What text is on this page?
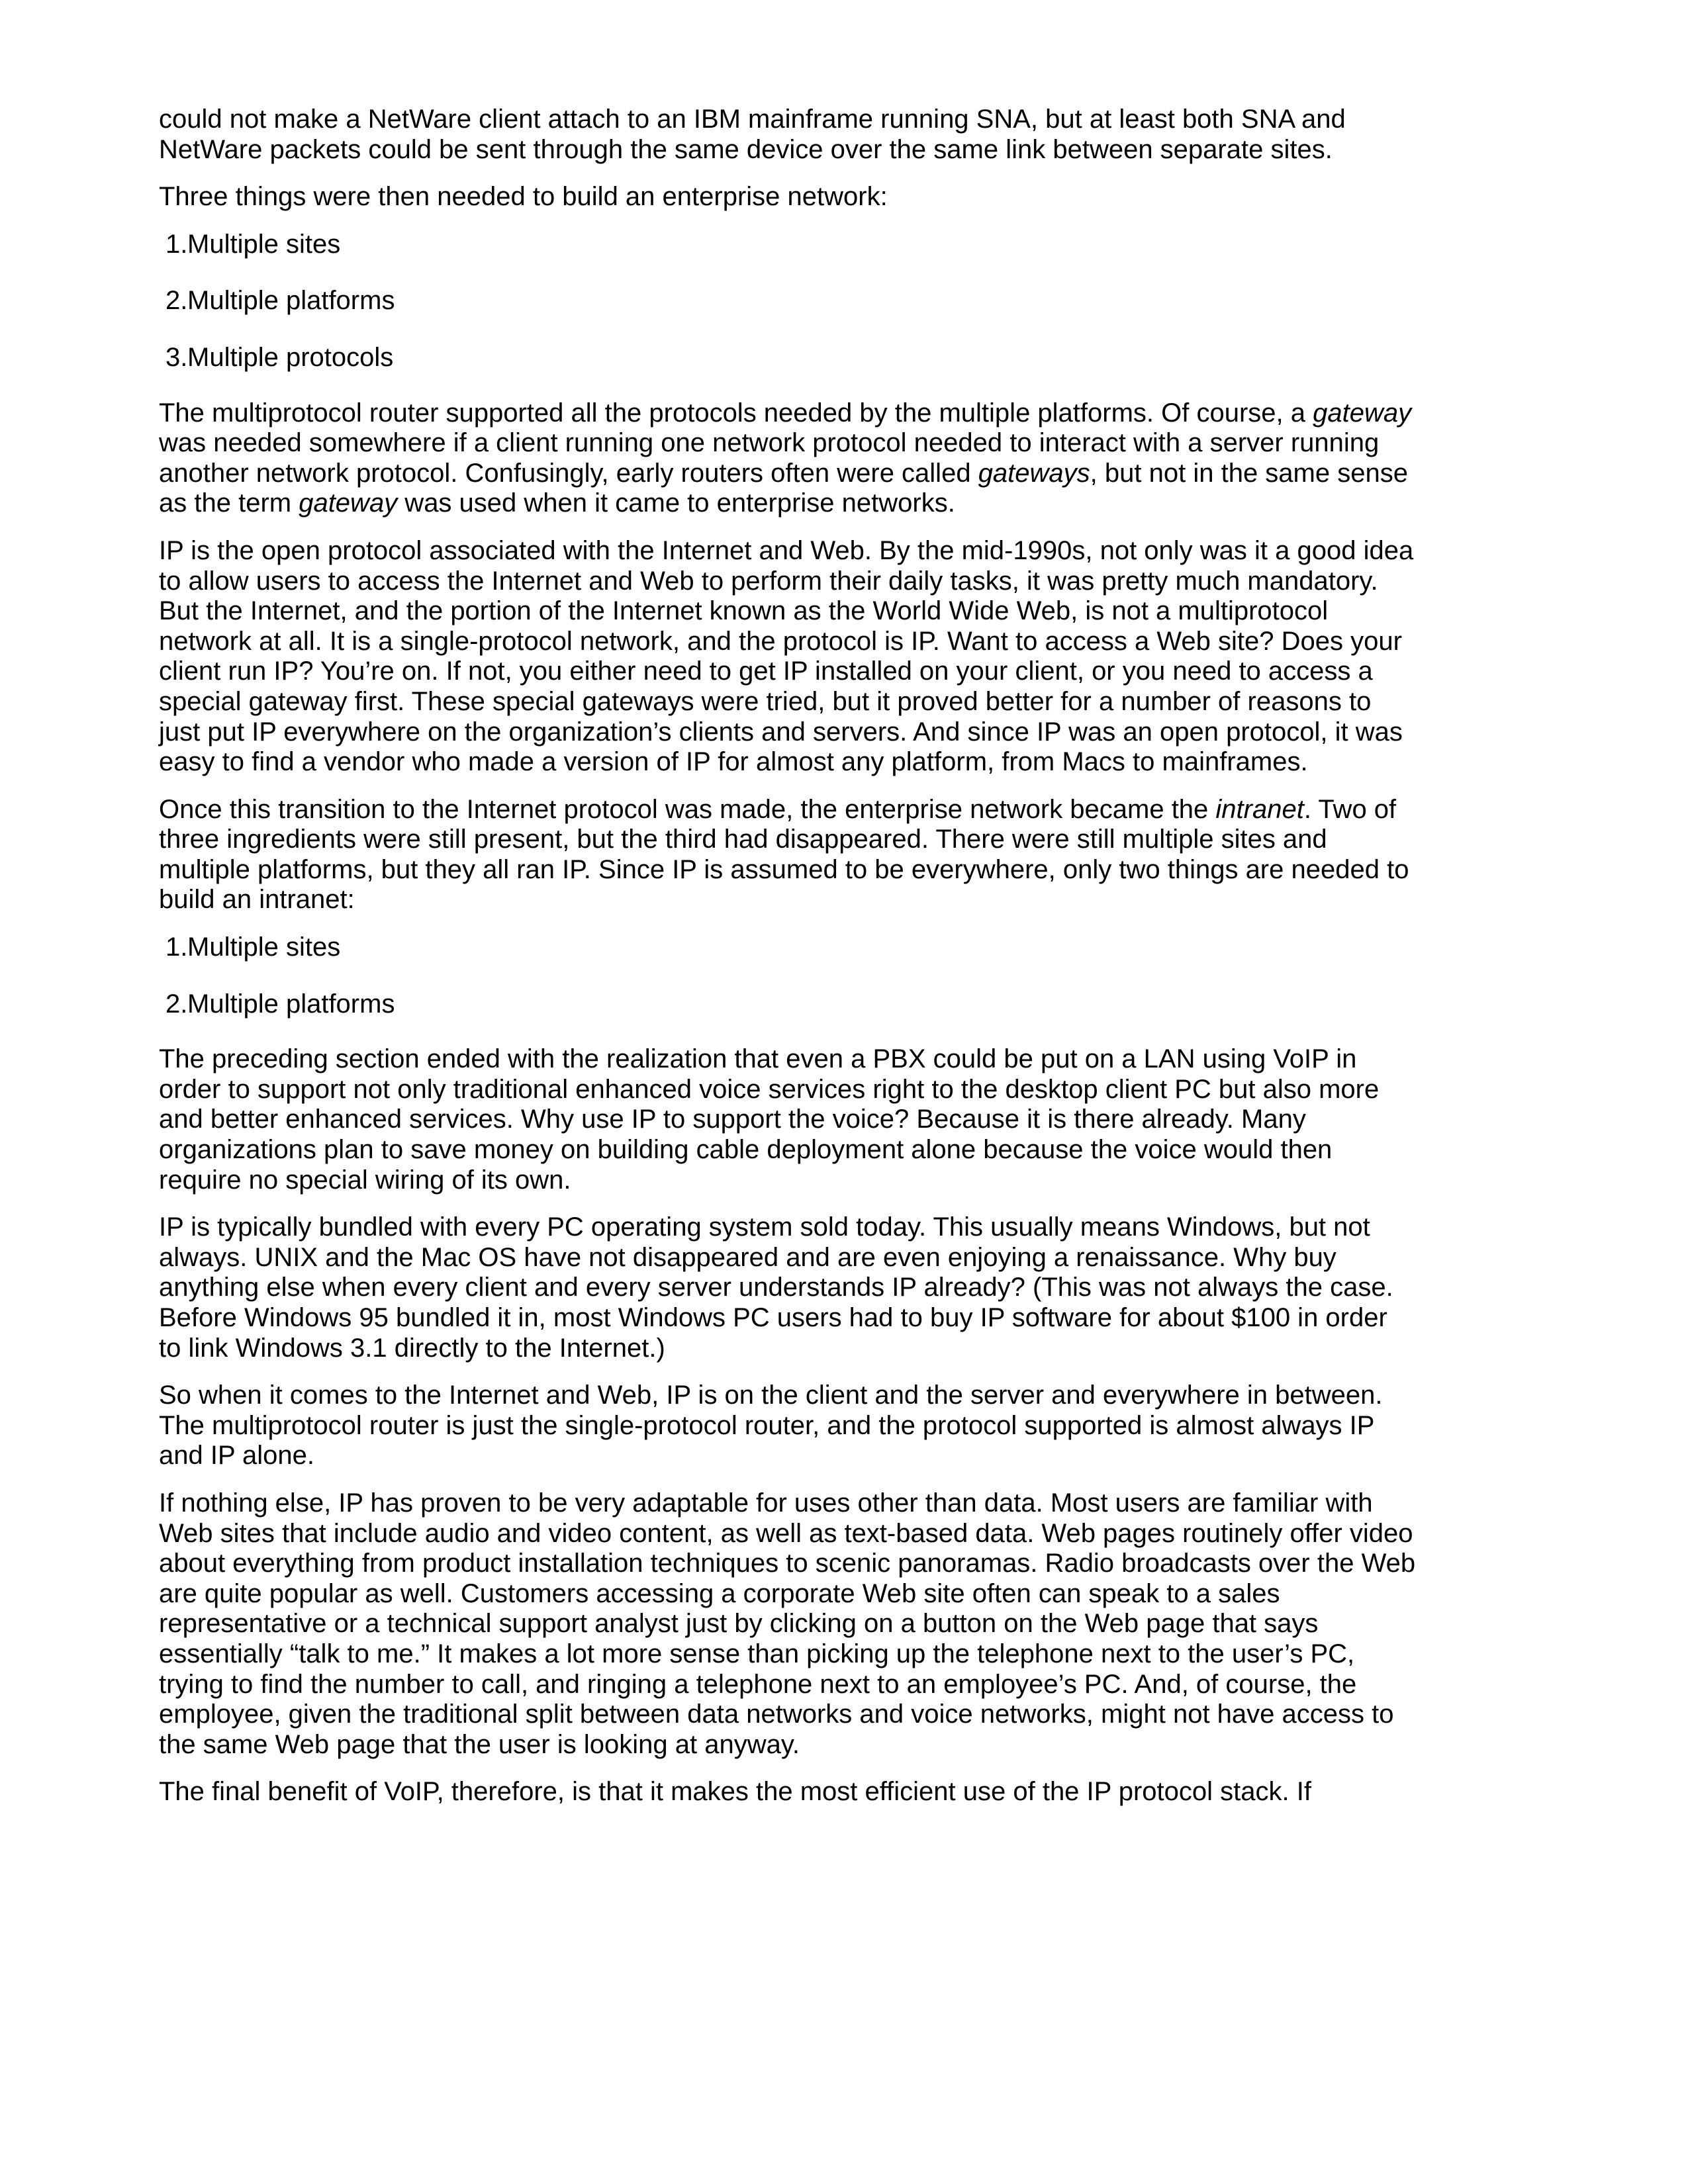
could not make a NetWare client attach to an IBM mainframe running SNA, but at least both SNA and NetWare packets could be sent through the same device over the same link between separate sites.

Three things were then needed to build an enterprise network:

1.Multiple sites
2.Multiple platforms
3.Multiple protocols

The multiprotocol router supported all the protocols needed by the multiple platforms. Of course, a gateway was needed somewhere if a client running one network protocol needed to interact with a server running another network protocol. Confusingly, early routers often were called gateways, but not in the same sense as the term gateway was used when it came to enterprise networks.

IP is the open protocol associated with the Internet and Web. By the mid-1990s, not only was it a good idea to allow users to access the Internet and Web to perform their daily tasks, it was pretty much mandatory. But the Internet, and the portion of the Internet known as the World Wide Web, is not a multiprotocol network at all. It is a single-protocol network, and the protocol is IP. Want to access a Web site? Does your client run IP? You’re on. If not, you either need to get IP installed on your client, or you need to access a special gateway first. These special gateways were tried, but it proved better for a number of reasons to just put IP everywhere on the organization’s clients and servers. And since IP was an open protocol, it was easy to find a vendor who made a version of IP for almost any platform, from Macs to mainframes.

Once this transition to the Internet protocol was made, the enterprise network became the intranet. Two of three ingredients were still present, but the third had disappeared. There were still multiple sites and multiple platforms, but they all ran IP. Since IP is assumed to be everywhere, only two things are needed to build an intranet:

1.Multiple sites
2.Multiple platforms

The preceding section ended with the realization that even a PBX could be put on a LAN using VoIP in order to support not only traditional enhanced voice services right to the desktop client PC but also more and better enhanced services. Why use IP to support the voice? Because it is there already. Many organizations plan to save money on building cable deployment alone because the voice would then require no special wiring of its own.

IP is typically bundled with every PC operating system sold today. This usually means Windows, but not always. UNIX and the Mac OS have not disappeared and are even enjoying a renaissance. Why buy anything else when every client and every server understands IP already? (This was not always the case. Before Windows 95 bundled it in, most Windows PC users had to buy IP software for about $100 in order to link Windows 3.1 directly to the Internet.)

So when it comes to the Internet and Web, IP is on the client and the server and everywhere in between. The multiprotocol router is just the single-protocol router, and the protocol supported is almost always IP and IP alone.

If nothing else, IP has proven to be very adaptable for uses other than data. Most users are familiar with Web sites that include audio and video content, as well as text-based data. Web pages routinely offer video about everything from product installation techniques to scenic panoramas. Radio broadcasts over the Web are quite popular as well. Customers accessing a corporate Web site often can speak to a sales representative or a technical support analyst just by clicking on a button on the Web page that says essentially “talk to me.” It makes a lot more sense than picking up the telephone next to the user’s PC, trying to find the number to call, and ringing a telephone next to an employee’s PC. And, of course, the employee, given the traditional split between data networks and voice networks, might not have access to the same Web page that the user is looking at anyway.

The final benefit of VoIP, therefore, is that it makes the most efficient use of the IP protocol stack. If
